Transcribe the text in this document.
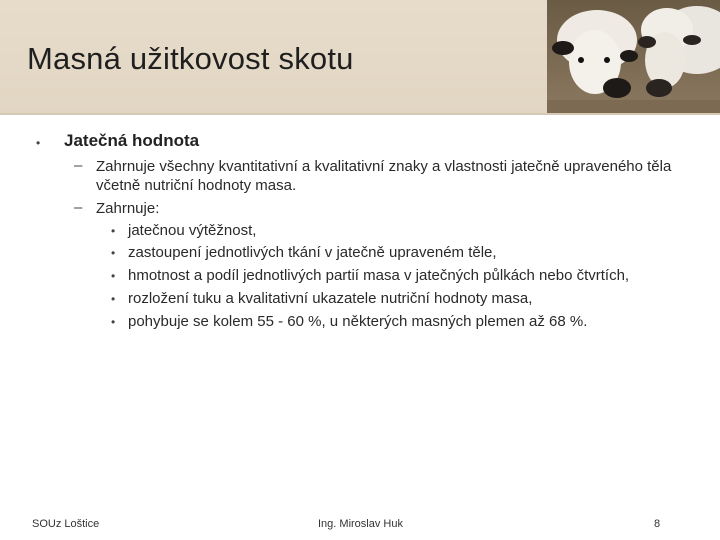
Masná užitkovost skotu
• Jatečná hodnota
– Zahrnuje všechny kvantitativní a kvalitativní znaky a vlastnosti jatečně upraveného těla včetně nutriční hodnoty masa.
– Zahrnuje:
• jatečnou výtěžnost,
• zastoupení jednotlivých tkání v jatečně upraveném těle,
• hmotnost a podíl jednotlivých partií masa v jatečných půlkách nebo čtvrtích,
• rozložení tuku a kvalitativní ukazatele nutriční hodnoty masa,
• pohybuje se kolem 55 - 60 %, u některých masných plemen až 68 %.
SOUz Loštice	Ing. Miroslav Huk	8
